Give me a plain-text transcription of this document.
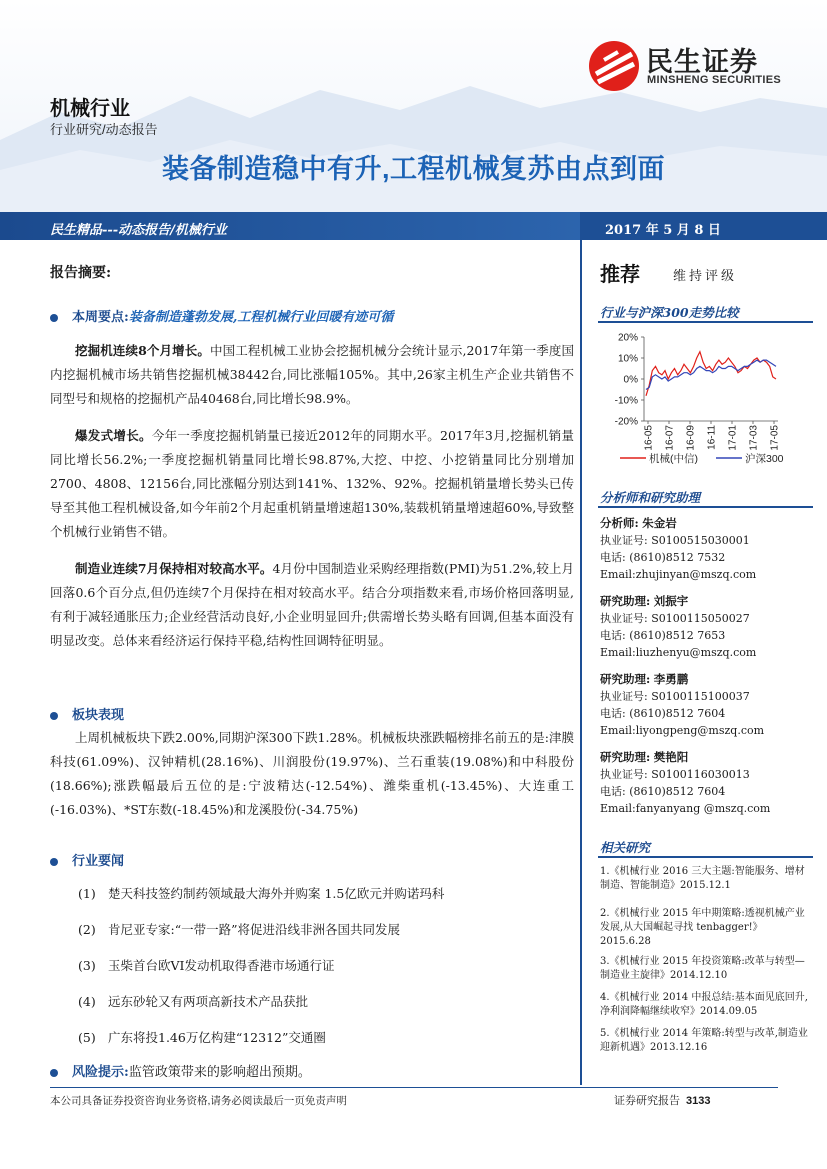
民生证券
MINSHENG SECURITIES
机械行业
行业研究/动态报告
装备制造稳中有升,工程机械复苏由点到面
民生精品---动态报告/机械行业	2017 年 5 月 8 日
报告摘要:
本周要点:装备制造蓬勃发展,工程机械行业回暖有迹可循
挖掘机连续8个月增长。中国工程机械工业协会挖掘机械分会统计显示,2017年第一季度国内挖掘机械市场共销售挖掘机械38442台,同比涨幅105%。其中,26家主机生产企业共销售不同型号和规格的挖掘机产品40468台,同比增长98.9%。
爆发式增长。今年一季度挖掘机销量已接近2012年的同期水平。2017年3月,挖掘机销量同比增长56.2%;一季度挖掘机销量同比增长98.87%,大挖、中挖、小挖销量同比分别增加2700、4808、12156台,同比涨幅分别达到141%、132%、92%。挖掘机销量增长势头已传导至其他工程机械设备,如今年前2个月起重机销量增速超130%,装载机销量增速超60%,导致整个机械行业销售不错。
制造业连续7月保持相对较高水平。4月份中国制造业采购经理指数(PMI)为51.2%,较上月回落0.6个百分点,但仍连续7个月保持在相对较高水平。结合分项指数来看,市场价格回落明显,有利于减轻通胀压力;企业经营活动良好,小企业明显回升;供需增长势头略有回调,但基本面没有明显改变。总体来看经济运行保持平稳,结构性回调特征明显。
板块表现
上周机械板块下跌2.00%,同期沪深300下跌1.28%。机械板块涨跌幅榜排名前五的是:津膜科技(61.09%)、汉钟精机(28.16%)、川润股份(19.97%)、兰石重装(19.08%)和中科股份(18.66%);涨跌幅最后五位的是:宁波精达(-12.54%)、潍柴重机(-13.45%)、大连重工(-16.03%)、*ST东数(-18.45%)和龙溪股份(-34.75%)
行业要闻
(1) 楚天科技签约制药领域最大海外并购案 1.5亿欧元并购诺玛科
(2) 肯尼亚专家:“一带一路”将促进沿线非洲各国共同发展
(3) 玉柴首台欧VI发动机取得香港市场通行证
(4) 远东砂轮又有两项高新技术产品获批
(5) 广东将投1.46万亿构建“12312”交通圈
风险提示:监管政策带来的影响超出预期。
推荐	维持评级
行业与沪深300走势比较
20%
10%
0%
-10%
-20%
16-05 16-07 16-09 16-11 17-01 17-03 17-05
机械(中信)	沪深300
分析师和研究助理
分析师: 朱金岩
执业证号: S0100515030001
电话: (8610)8512 7532
Email:zhujinyan@mszq.com
研究助理: 刘振宇
执业证号: S0100115050027
电话: (8610)8512 7653
Email:liuzhenyu@mszq.com
研究助理: 李勇鹏
执业证号: S0100115100037
电话: (8610)8512 7604
Email:liyongpeng@mszq.com
研究助理: 樊艳阳
执业证号: S0100116030013
电话: (8610)8512 7604
Email:fanyanyang @mszq.com
相关研究
1.《机械行业 2016 三大主题:智能服务、增材制造、智能制造》2015.12.1
2.《机械行业 2015 年中期策略:透视机械产业发展,从大国崛起寻找 tenbagger!》2015.6.28
3.《机械行业 2015 年投资策略:改革与转型—制造业主旋律》2014.12.10
4.《机械行业 2014 中报总结:基本面见底回升,净利润降幅继续收窄》2014.09.05
5.《机械行业 2014 年策略:转型与改革,制造业迎新机遇》2013.12.16
本公司具备证券投资咨询业务资格,请务必阅读最后一页免责声明	证券研究报告 3133
